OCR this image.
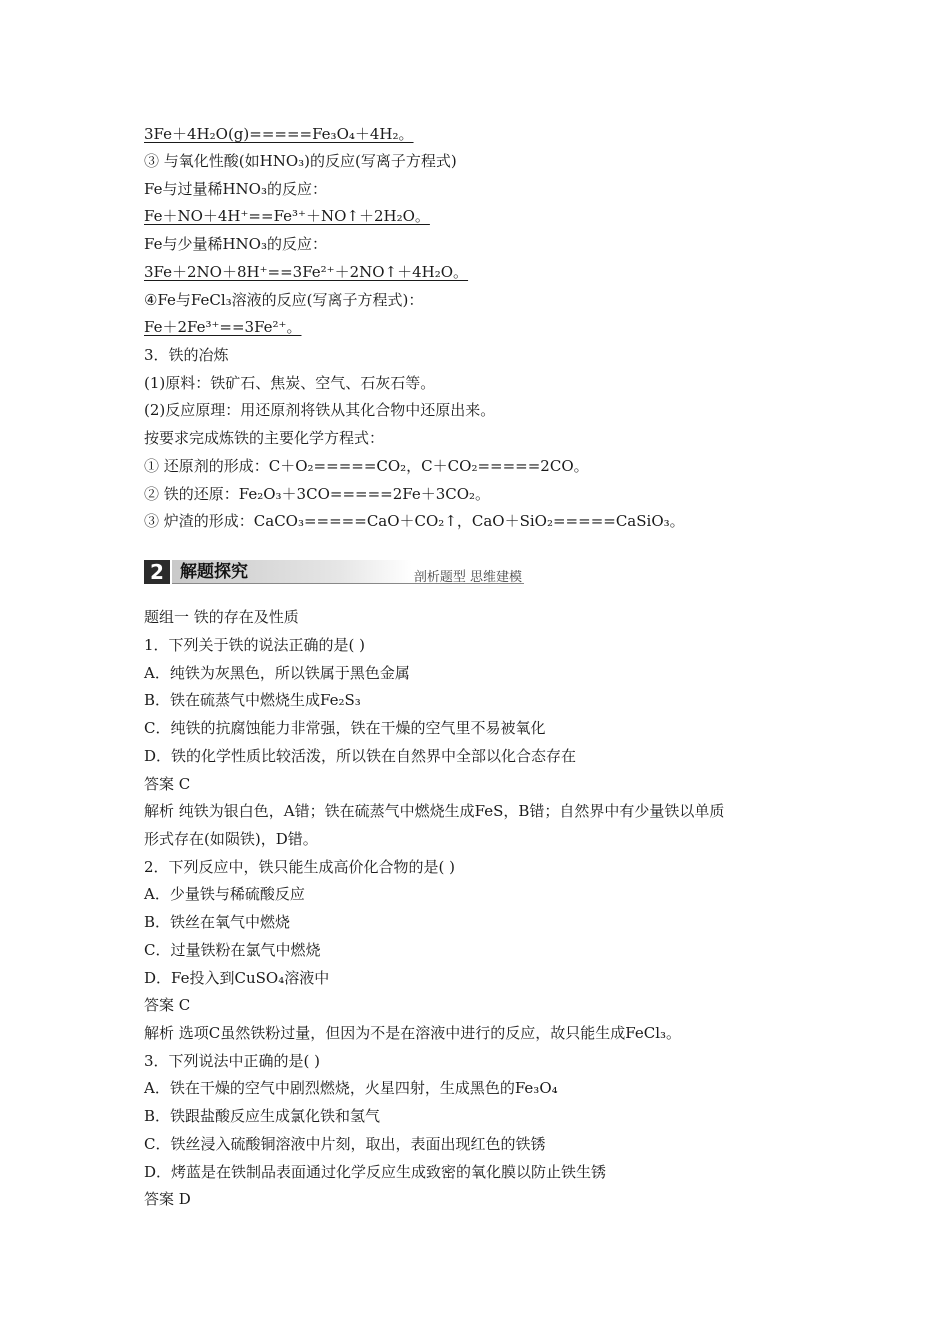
3Fe＋4H₂O(g)=====Fe₃O₄＋4H₂。
③ 与氧化性酸(如HNO₃)的反应(写离子方程式)
Fe与过量稀HNO₃的反应：
Fe＋NO＋4H⁺==Fe³⁺＋NO↑＋2H₂O。
Fe与少量稀HNO₃的反应：
3Fe＋2NO＋8H⁺==3Fe²⁺＋2NO↑＋4H₂O。
④Fe与FeCl₃溶液的反应(写离子方程式)：
Fe＋2Fe³⁺==3Fe²⁺。
3．铁的冶炼
(1)原料：铁矿石、焦炭、空气、石灰石等。
(2)反应原理：用还原剂将铁从其化合物中还原出来。
按要求完成炼铁的主要化学方程式：
① 还原剂的形成：C＋O₂=====CO₂，C＋CO₂=====2CO。
② 铁的还原：Fe₂O₃＋3CO=====2Fe＋3CO₂。
③ 炉渣的形成：CaCO₃=====CaO＋CO₂↑，CaO＋SiO₂=====CaSiO₃。
2 解题探究	剖析题型 思维建模
题组一 铁的存在及性质
1．下列关于铁的说法正确的是( )
A．纯铁为灰黑色，所以铁属于黑色金属
B．铁在硫蒸气中燃烧生成Fe₂S₃
C．纯铁的抗腐蚀能力非常强，铁在干燥的空气里不易被氧化
D．铁的化学性质比较活泼，所以铁在自然界中全部以化合态存在
答案 C
解析 纯铁为银白色，A错；铁在硫蒸气中燃烧生成FeS，B错；自然界中有少量铁以单质
形式存在(如陨铁)，D错。
2．下列反应中，铁只能生成高价化合物的是( )
A．少量铁与稀硫酸反应
B．铁丝在氧气中燃烧
C．过量铁粉在氯气中燃烧
D．Fe投入到CuSO₄溶液中
答案 C
解析 选项C虽然铁粉过量，但因为不是在溶液中进行的反应，故只能生成FeCl₃。
3．下列说法中正确的是( )
A．铁在干燥的空气中剧烈燃烧，火星四射，生成黑色的Fe₃O₄
B．铁跟盐酸反应生成氯化铁和氢气
C．铁丝浸入硫酸铜溶液中片刻，取出，表面出现红色的铁锈
D．烤蓝是在铁制品表面通过化学反应生成致密的氧化膜以防止铁生锈
答案 D
